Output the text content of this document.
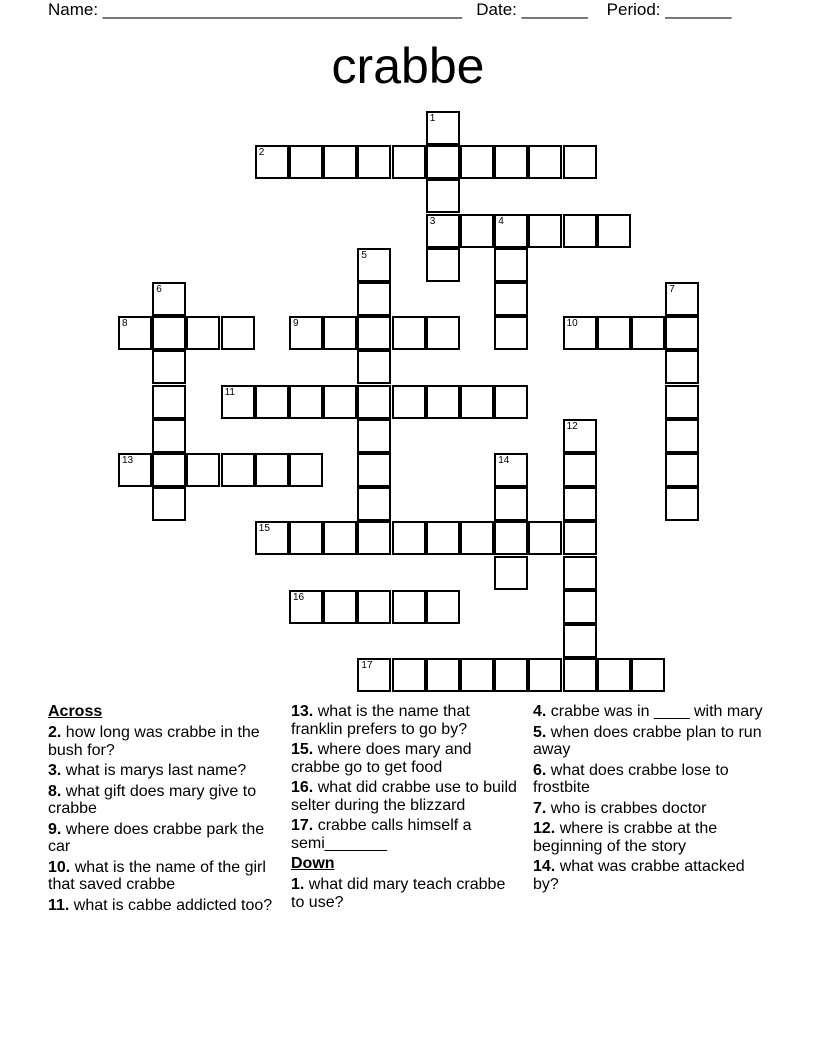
Name: ______________________________________   Date: _______    Period: _______
crabbe
1
3
2
4
5
6	7
8	9	10
11
12
13	14
15
16
17
Across
2. how long was crabbe in the bush for?
3. what is marys last name?
8. what gift does mary give to crabbe
9. where does crabbe park the car
10. what is the name of the girl that saved crabbe
11. what is cabbe addicted too?
13. what is the name that franklin prefers to go by?
15. where does mary and crabbe go to get food
16. what did crabbe use to build selter during the blizzard
17. crabbe calls himself a semi_______
Down
1. what did mary teach crabbe to use?
4. crabbe was in ____ with mary
5. when does crabbe plan to run away
6. what does crabbe lose to frostbite
7. who is crabbes doctor
12. where is crabbe at the beginning of the story
14. what was crabbe attacked by?
